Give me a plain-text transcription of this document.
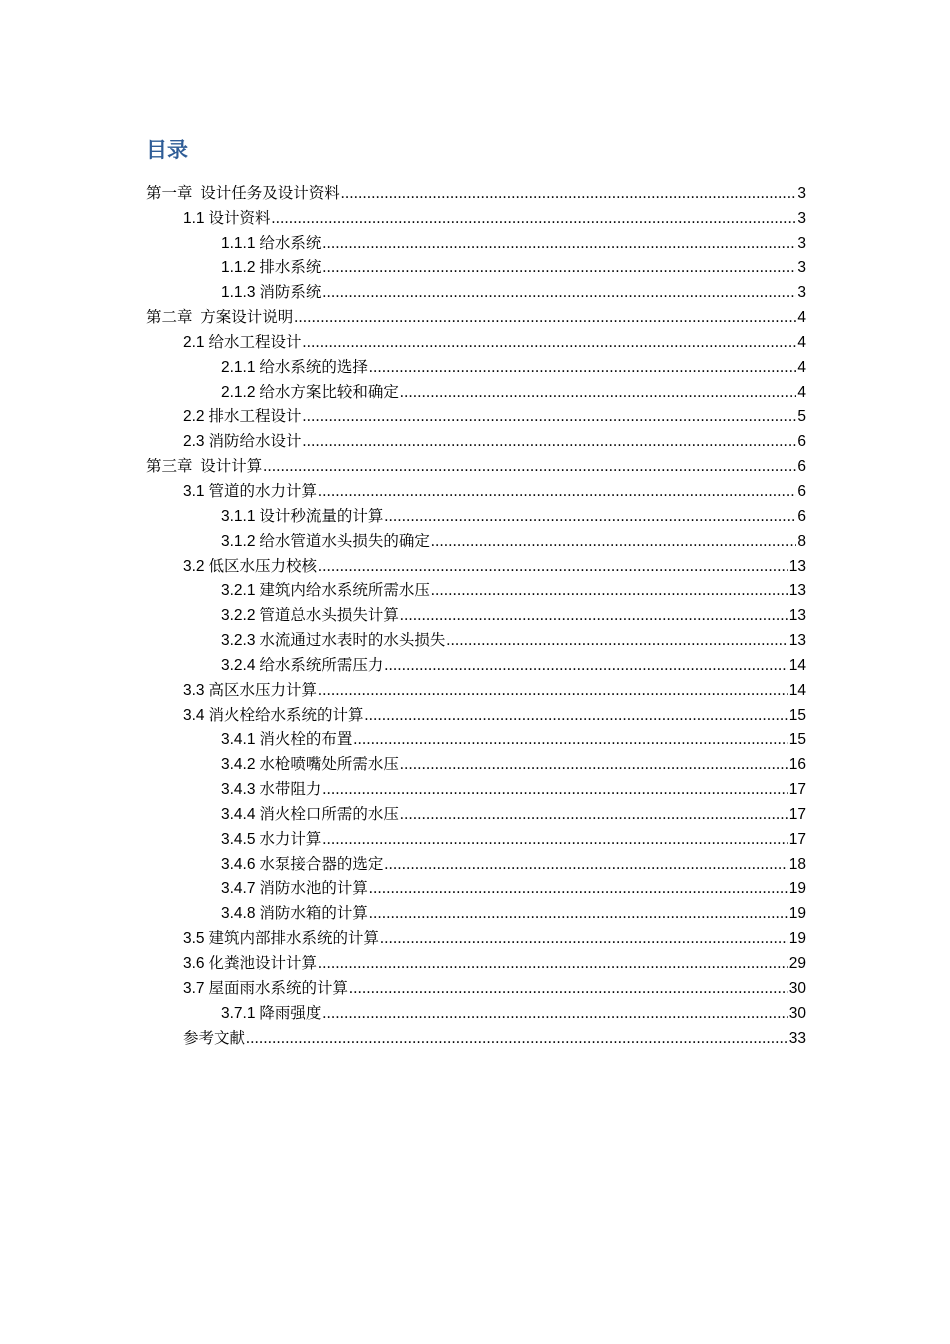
目录
第一章  设计任务及设计资料 .....	3
1.1 设计资料 .....	3
1.1.1 给水系统 .....	3
1.1.2 排水系统 .....	3
1.1.3 消防系统 .....	3
第二章  方案设计说明 .....	4
2.1 给水工程设计 .....	4
2.1.1 给水系统的选择 .....	4
2.1.2 给水方案比较和确定 .....	4
2.2 排水工程设计 .....	5
2.3 消防给水设计 .....	6
第三章  设计计算 .....	6
3.1 管道的水力计算 .....	6
3.1.1 设计秒流量的计算 .....	6
3.1.2 给水管道水头损失的确定 .....	8
3.2 低区水压力校核 .....	13
3.2.1 建筑内给水系统所需水压 .....	13
3.2.2 管道总水头损失计算 .....	13
3.2.3 水流通过水表时的水头损失 .....	13
3.2.4 给水系统所需压力 .....	14
3.3 高区水压力计算 .....	14
3.4 消火栓给水系统的计算 .....	15
3.4.1 消火栓的布置 .....	15
3.4.2 水枪喷嘴处所需水压 .....	16
3.4.3 水带阻力 .....	17
3.4.4 消火栓口所需的水压 .....	17
3.4.5 水力计算 .....	17
3.4.6 水泵接合器的选定 .....	18
3.4.7 消防水池的计算 .....	19
3.4.8 消防水箱的计算 .....	19
3.5 建筑内部排水系统的计算 .....	19
3.6 化粪池设计计算 .....	29
3.7 屋面雨水系统的计算 .....	30
3.7.1 降雨强度 .....	30
参考文献 .....	33
